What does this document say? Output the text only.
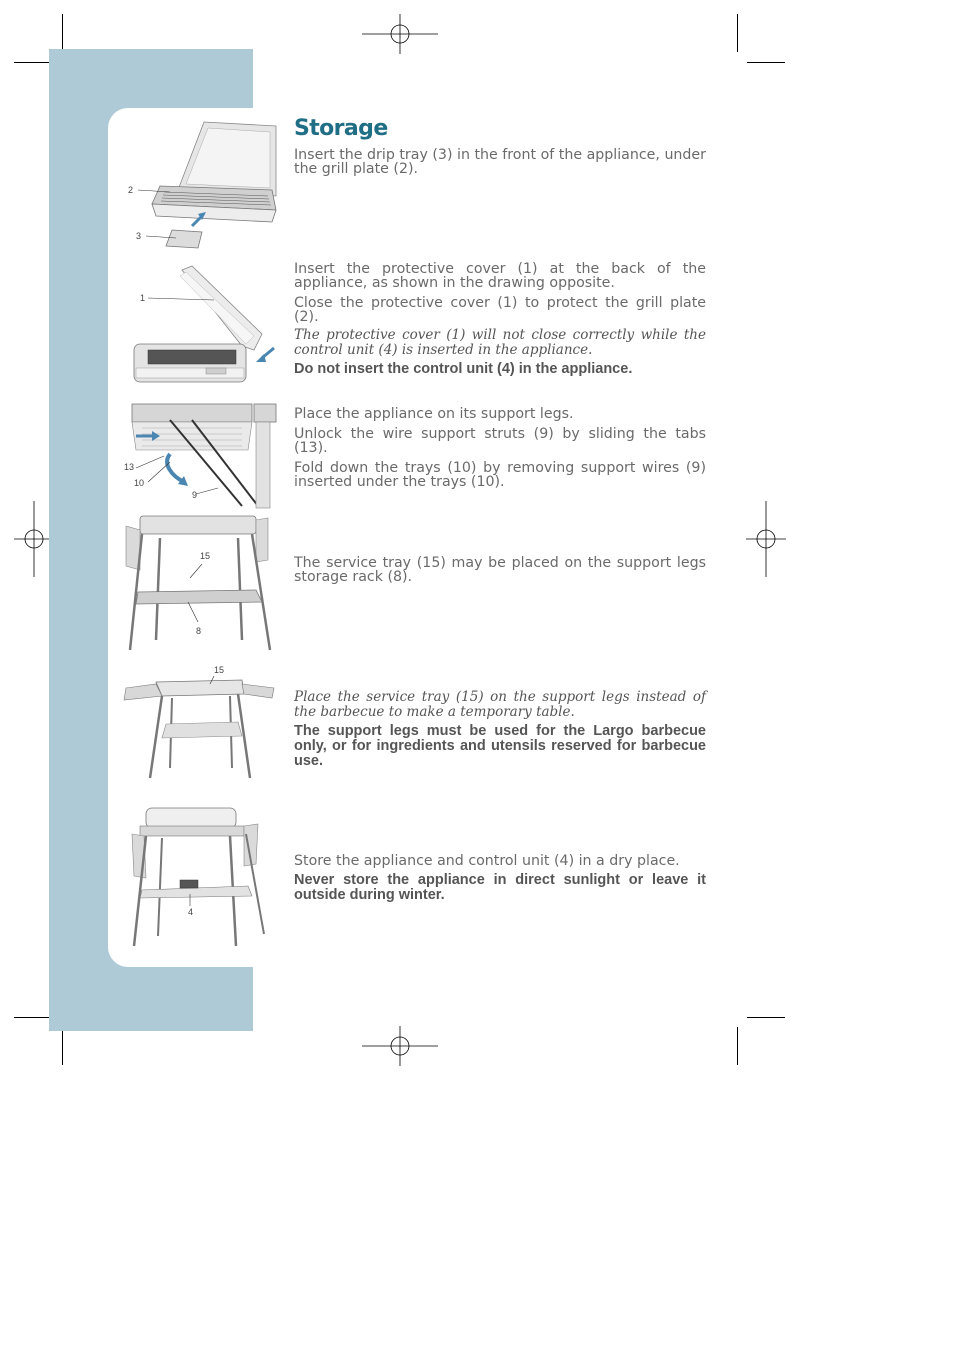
2
3
1
13
10
9
15
8
15
4
Storage

Insert the drip tray (3) in the front of the appliance, under the grill plate (2).

Insert the protective cover (1) at the back of the appliance, as shown in the drawing opposite.

Close the protective cover (1) to protect the grill plate (2).

The protective cover (1) will not close correctly while the control unit (4) is inserted in the appliance.

Do not insert the control unit (4) in the appliance.

Place the appliance on its support legs.

Unlock the wire support struts (9) by sliding the tabs (13).

Fold down the trays (10) by removing support wires (9) inserted under the trays (10).

The service tray (15) may be placed on the support legs storage rack (8).

Place the service tray (15) on the support legs instead of the barbecue to make a temporary table.

The support legs must be used for the Largo barbecue only, or for ingredients and utensils reserved for barbecue use.

Store the appliance and control unit (4) in a dry place.

Never store the appliance in direct sunlight or leave it outside during winter.
